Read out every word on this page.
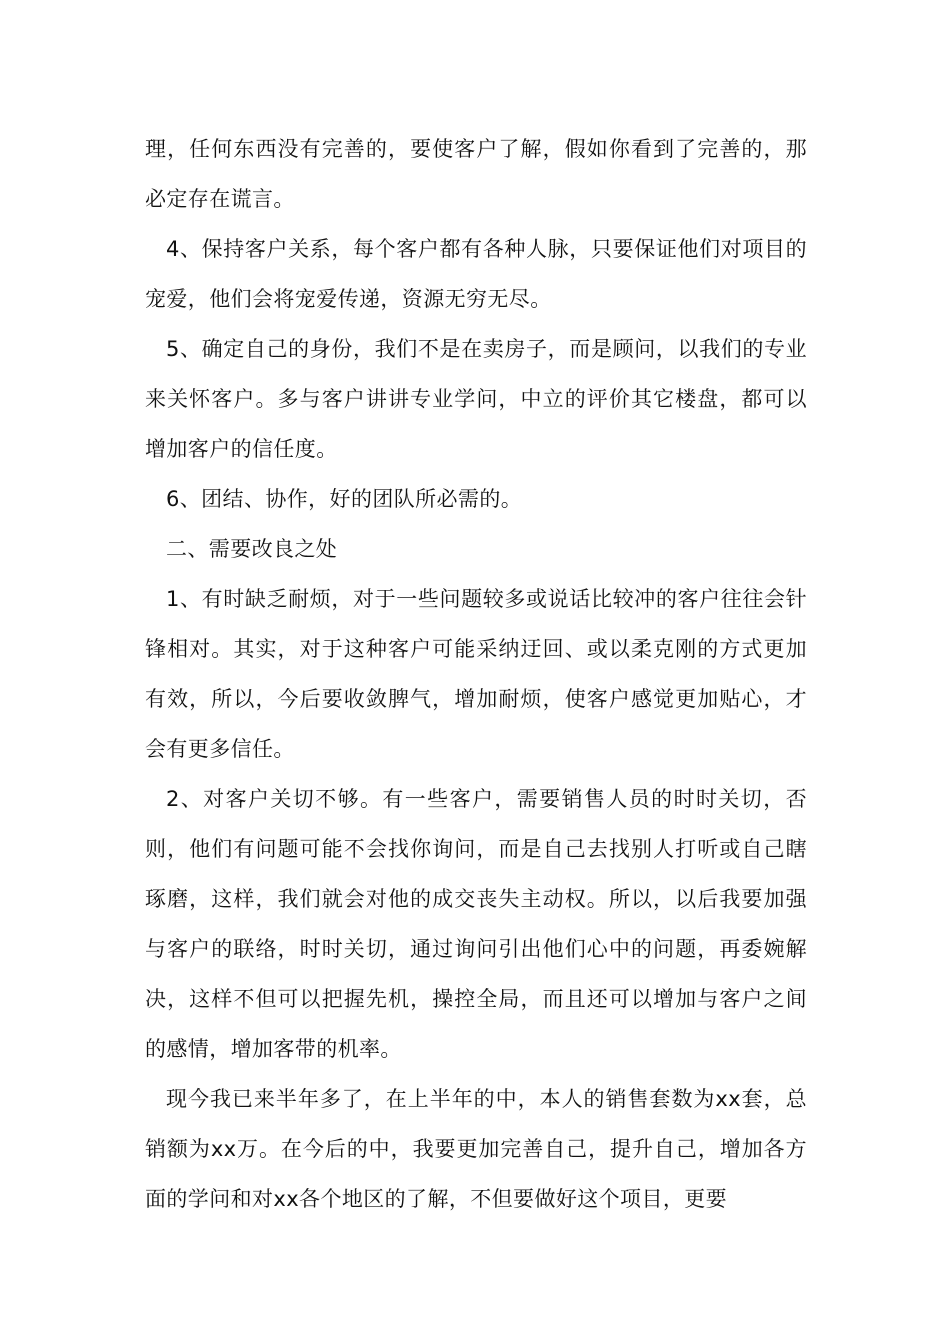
理，任何东西没有完善的，要使客户了解，假如你看到了完善的，那必定存在谎言。

4、保持客户关系，每个客户都有各种人脉，只要保证他们对项目的宠爱，他们会将宠爱传递，资源无穷无尽。

5、确定自己的身份，我们不是在卖房子，而是顾问，以我们的专业来关怀客户。多与客户讲讲专业学问，中立的评价其它楼盘，都可以增加客户的信任度。

6、团结、协作，好的团队所必需的。

二、需要改良之处

1、有时缺乏耐烦，对于一些问题较多或说话比较冲的客户往往会针锋相对。其实，对于这种客户可能采纳迂回、或以柔克刚的方式更加有效，所以，今后要收敛脾气，增加耐烦，使客户感觉更加贴心，才会有更多信任。

2、对客户关切不够。有一些客户，需要销售人员的时时关切，否则，他们有问题可能不会找你询问，而是自己去找别人打听或自己瞎琢磨，这样，我们就会对他的成交丧失主动权。所以，以后我要加强与客户的联络，时时关切，通过询问引出他们心中的问题，再委婉解决，这样不但可以把握先机，操控全局，而且还可以增加与客户之间的感情，增加客带的机率。

现今我已来半年多了，在上半年的中，本人的销售套数为xx套，总销额为xx万。在今后的中，我要更加完善自己，提升自己，增加各方面的学问和对xx各个地区的了解，不但要做好这个项目，更要
